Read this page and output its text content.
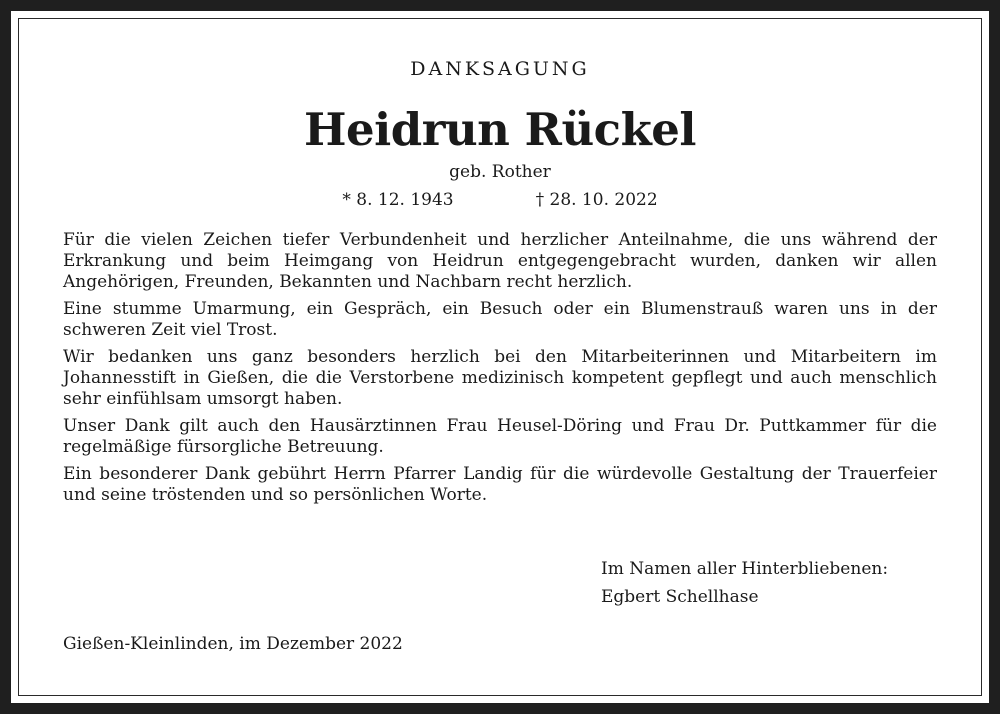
DANKSAGUNG
Heidrun Rückel
geb. Rother
* 8. 12. 1943	† 28. 10. 2022

Für die vielen Zeichen tiefer Verbundenheit und herzlicher Anteilnahme, die uns während der Erkrankung und beim Heimgang von Heidrun entgegengebracht wurden, danken wir allen Angehörigen, Freunden, Bekannten und Nachbarn recht herzlich.

Eine stumme Umarmung, ein Gespräch, ein Besuch oder ein Blumenstrauß waren uns in der schweren Zeit viel Trost.

Wir bedanken uns ganz besonders herzlich bei den Mitarbeiterinnen und Mitarbeitern im Johannesstift in Gießen, die die Verstorbene medizinisch kompetent gepflegt und auch menschlich sehr einfühlsam umsorgt haben.

Unser Dank gilt auch den Hausärztinnen Frau Heusel-Döring und Frau Dr. Puttkammer für die regelmäßige fürsorgliche Betreuung.

Ein besonderer Dank gebührt Herrn Pfarrer Landig für die würdevolle Gestaltung der Trauerfeier und seine tröstenden und so persönlichen Worte.

Im Namen aller Hinterbliebenen:
Egbert Schellhase
Gießen-Kleinlinden, im Dezember 2022
